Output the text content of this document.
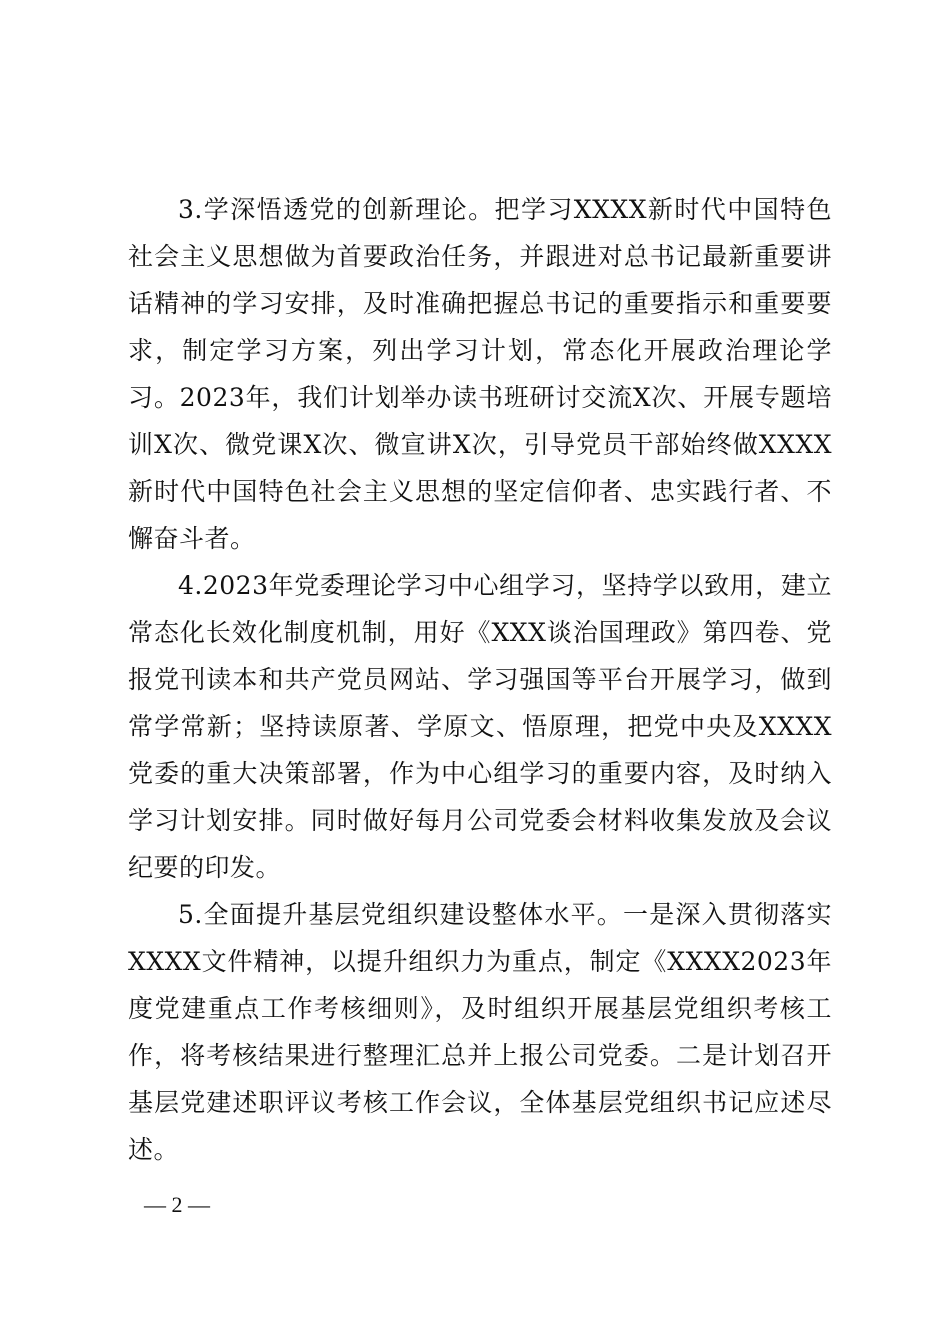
3.学深悟透党的创新理论。把学习XXXX新时代中国特色社会主义思想做为首要政治任务，并跟进对总书记最新重要讲话精神的学习安排，及时准确把握总书记的重要指示和重要要求，制定学习方案，列出学习计划，常态化开展政治理论学习。2023年，我们计划举办读书班研讨交流X次、开展专题培训X次、微党课X次、微宣讲X次，引导党员干部始终做XXXX新时代中国特色社会主义思想的坚定信仰者、忠实践行者、不懈奋斗者。

4.2023年党委理论学习中心组学习，坚持学以致用，建立常态化长效化制度机制，用好《XXX谈治国理政》第四卷、党报党刊读本和共产党员网站、学习强国等平台开展学习，做到常学常新；坚持读原著、学原文、悟原理，把党中央及XXXX党委的重大决策部署，作为中心组学习的重要内容，及时纳入学习计划安排。同时做好每月公司党委会材料收集发放及会议纪要的印发。

5.全面提升基层党组织建设整体水平。一是深入贯彻落实XXXX文件精神，以提升组织力为重点，制定《XXXX2023年度党建重点工作考核细则》，及时组织开展基层党组织考核工作，将考核结果进行整理汇总并上报公司党委。二是计划召开基层党建述职评议考核工作会议，全体基层党组织书记应述尽述。

— 2 —
